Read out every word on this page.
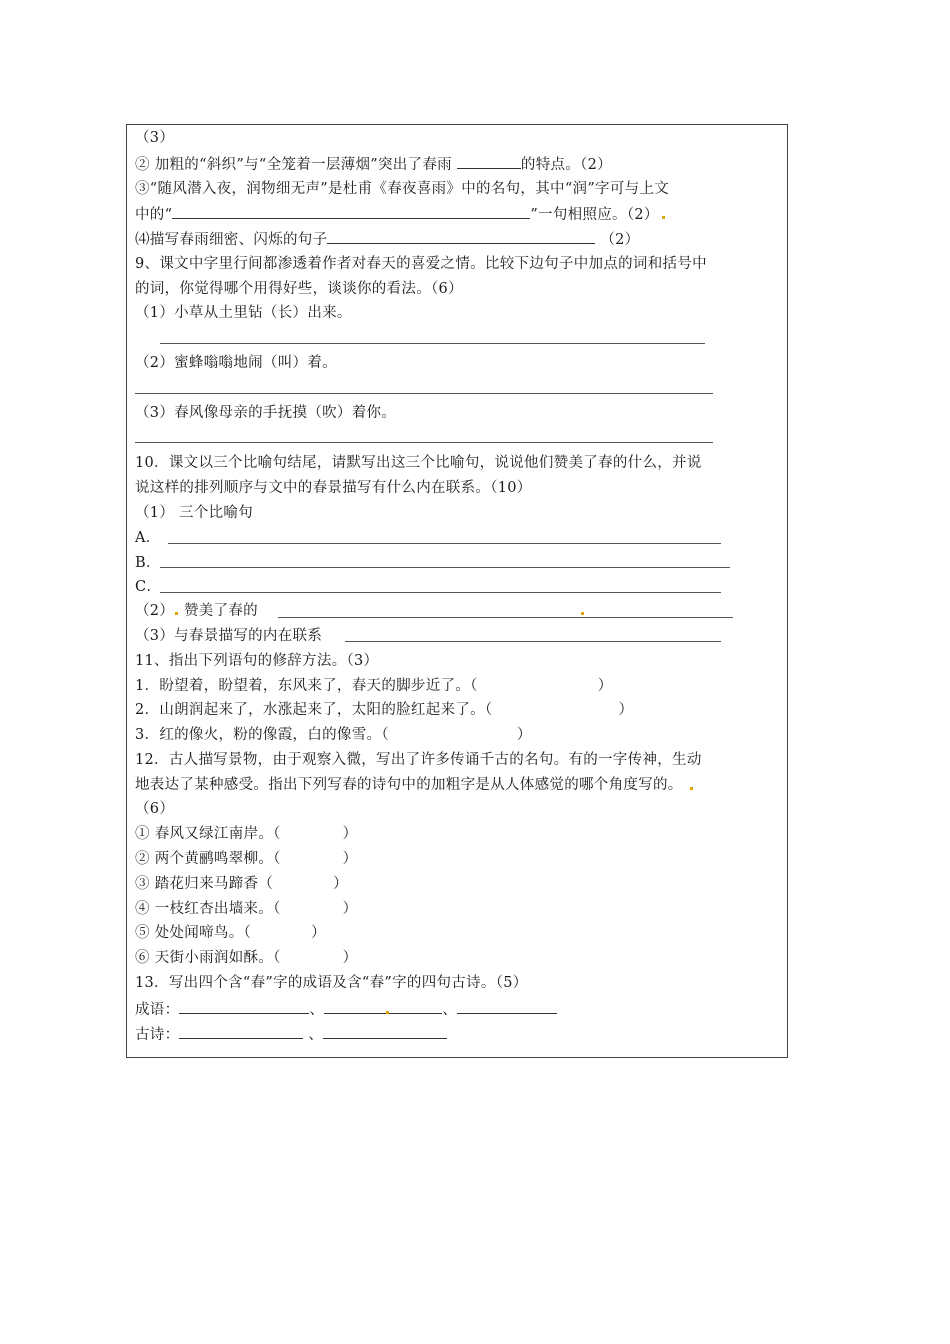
（3）
② 加粗的“斜织”与“全笼着一层薄烟”突出了春雨	的特点。（2）
③“随风潜入夜，润物细无声”是杜甫《春夜喜雨》中的名句，其中“润”字可与上文
中的“	”一句相照应。（2）
⑷描写春雨细密、闪烁的句子	（2）
9、课文中字里行间都渗透着作者对春天的喜爱之情。比较下边句子中加点的词和括号中
的词，你觉得哪个用得好些，谈谈你的看法。（6）
（1）小草从土里钻（长）出来。
（2）蜜蜂嗡嗡地闹（叫）着。
（3）春风像母亲的手抚摸（吹）着你。
10．课文以三个比喻句结尾，请默写出这三个比喻句，说说他们赞美了春的什么，并说
说这样的排列顺序与文中的春景描写有什么内在联系。（10）
（1） 三个比喻句
A．
B．
C．
（2） 赞美了春的
（3）与春景描写的内在联系
11、指出下列语句的修辞方法。（3）
1．盼望着，盼望着，东风来了，春天的脚步近了。（	）
2．山朗润起来了，水涨起来了，太阳的脸红起来了。（	）
3．红的像火，粉的像霞，白的像雪。（	）
12．古人描写景物，由于观察入微，写出了许多传诵千古的名句。有的一字传神，生动
地表达了某种感受。指出下列写春的诗句中的加粗字是从人体感觉的哪个角度写的。
（6）
① 春风又绿江南岸。（	）
② 两个黄鹂鸣翠柳。（	）
③ 踏花归来马蹄香（	）
④ 一枝红杏出墙来。（	）
⑤ 处处闻啼鸟。（	）
⑥ 天街小雨润如酥。（	）
13．写出四个含“春”字的成语及含“春”字的四句古诗。（5）
成语：	、	、
古诗：	、
